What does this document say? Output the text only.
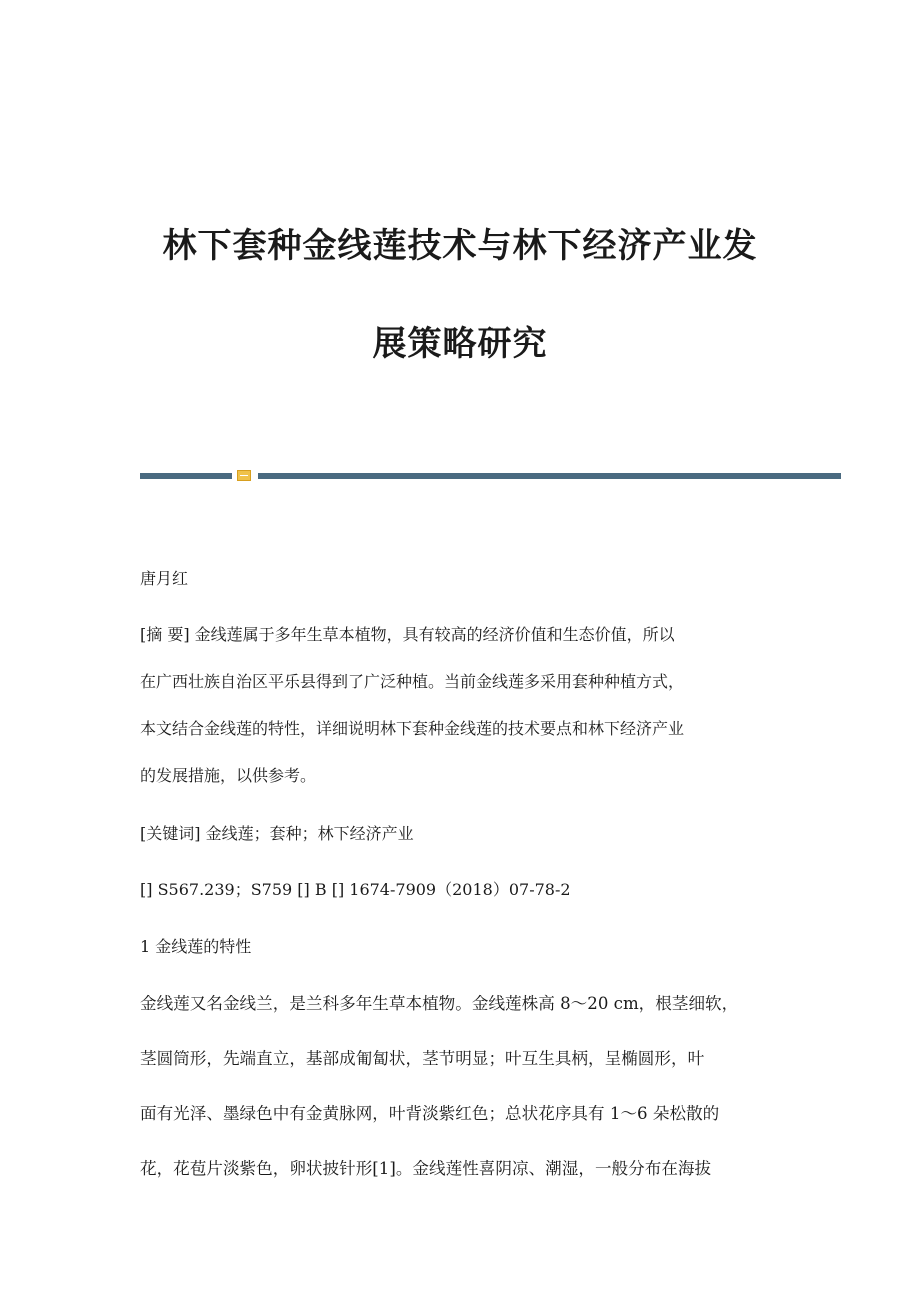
林下套种金线莲技术与林下经济产业发
展策略研究

唐月红

[摘 要] 金线莲属于多年生草本植物，具有较高的经济价值和生态价值，所以

在广西壮族自治区平乐县得到了广泛种植。当前金线莲多采用套种种植方式，

本文结合金线莲的特性，详细说明林下套种金线莲的技术要点和林下经济产业

的发展措施，以供参考。

[关键词] 金线莲；套种；林下经济产业

[] S567.239；S759 [] B [] 1674-7909（2018）07-78-2

1 金线莲的特性

金线莲又名金线兰，是兰科多年生草本植物。金线莲株高 8～20 cm，根茎细软，

茎圆筒形，先端直立，基部成匍匐状，茎节明显；叶互生具柄，呈椭圆形，叶

面有光泽、墨绿色中有金黄脉网，叶背淡紫红色；总状花序具有 1～6 朵松散的

花，花苞片淡紫色，卵状披针形[1]。金线莲性喜阴凉、潮湿，一般分布在海拔
